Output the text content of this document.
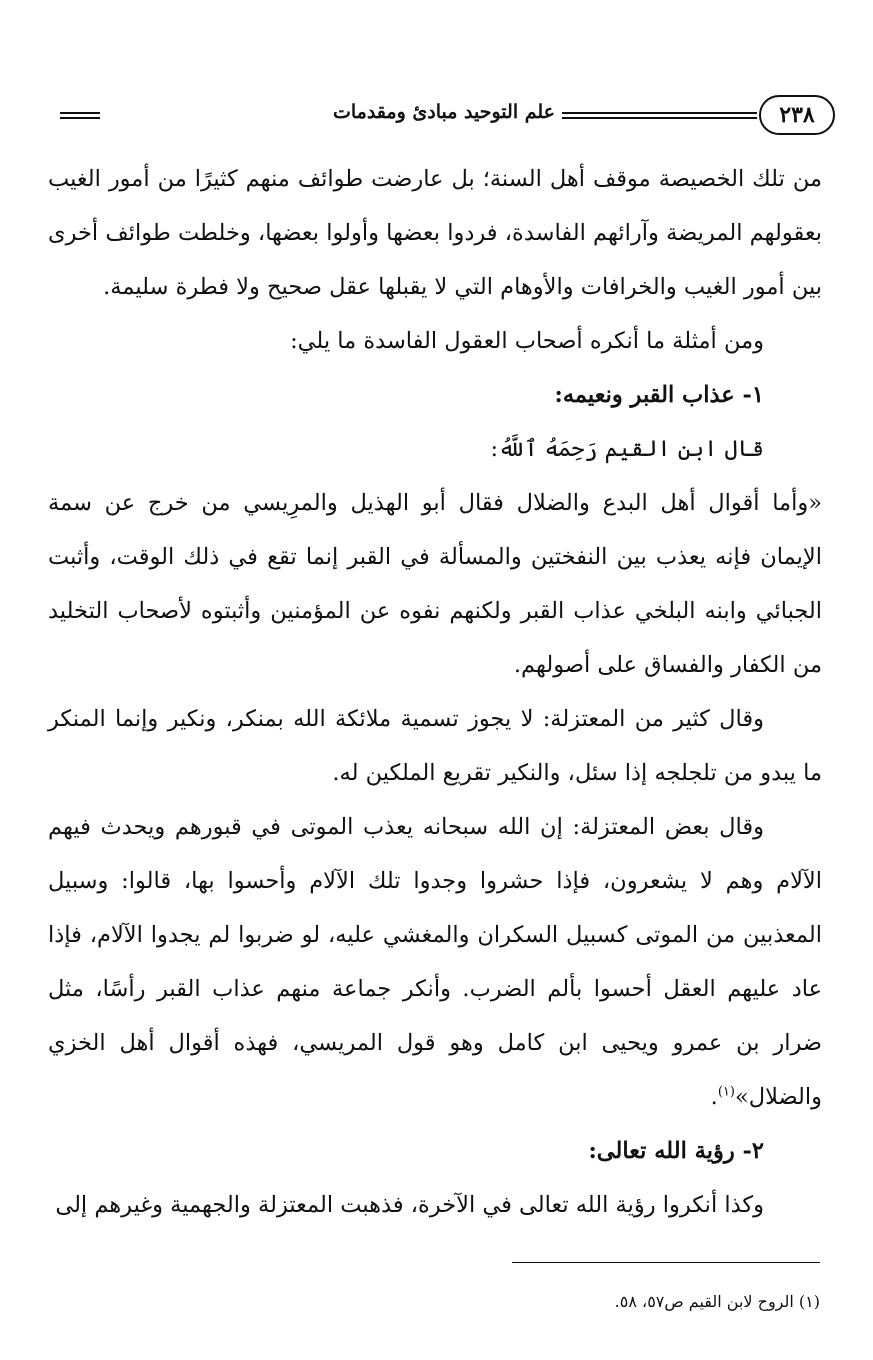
٢٣٨
علم التوحيد مبادئ ومقدمات

من تلك الخصيصة موقف أهل السنة؛ بل عارضت طوائف منهم كثيرًا من أمور الغيب بعقولهم المريضة وآرائهم الفاسدة، فردوا بعضها وأولوا بعضها، وخلطت طوائف أخرى بين أمور الغيب والخرافات والأوهام التي لا يقبلها عقل صحيح ولا فطرة سليمة.

ومن أمثلة ما أنكره أصحاب العقول الفاسدة ما يلي:

١- عذاب القبر ونعيمه:

قال ابن القيم رَحِمَهُ ٱللَّهُ:

«وأما أقوال أهل البدع والضلال فقال أبو الهذيل والمرِيسي من خرج عن سمة الإيمان فإنه يعذب بين النفختين والمسألة في القبر إنما تقع في ذلك الوقت، وأثبت الجبائي وابنه البلخي عذاب القبر ولكنهم نفوه عن المؤمنين وأثبتوه لأصحاب التخليد من الكفار والفساق على أصولهم.

وقال كثير من المعتزلة: لا يجوز تسمية ملائكة الله بمنكر، ونكير وإنما المنكر ما يبدو من تلجلجه إذا سئل، والنكير تقريع الملكين له.

وقال بعض المعتزلة: إن الله سبحانه يعذب الموتى في قبورهم ويحدث فيهم الآلام وهم لا يشعرون، فإذا حشروا وجدوا تلك الآلام وأحسوا بها، قالوا: وسبيل المعذبين من الموتى كسبيل السكران والمغشي عليه، لو ضربوا لم يجدوا الآلام، فإذا عاد عليهم العقل أحسوا بألم الضرب. وأنكر جماعة منهم عذاب القبر رأسًا، مثل ضرار بن عمرو ويحيى ابن كامل وهو قول المريسي، فهذه أقوال أهل الخزي والضلال»$^{(١)}$.

٢- رؤية الله تعالى:

وكذا أنكروا رؤية الله تعالى في الآخرة، فذهبت المعتزلة والجهمية وغيرهم إلى

(١) الروح لابن القيم ص٥٧، ٥٨.
